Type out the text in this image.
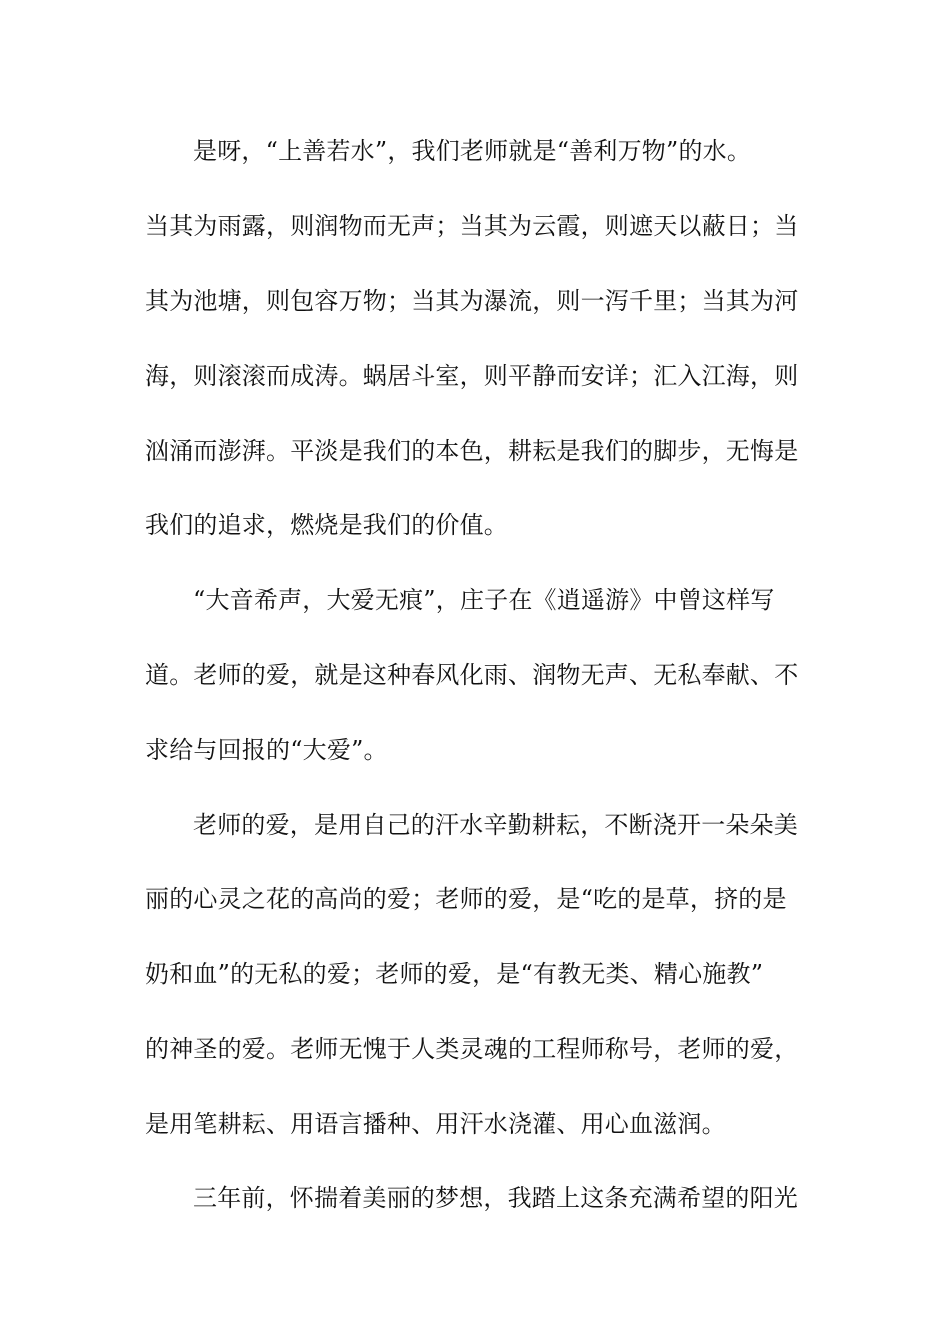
是呀，“上善若水”，我们老师就是“善利万物”的水。
当其为雨露，则润物而无声；当其为云霞，则遮天以蔽日；当
其为池塘，则包容万物；当其为瀑流，则一泻千里；当其为河
海，则滚滚而成涛。蜗居斗室，则平静而安详；汇入江海，则
汹涌而澎湃。平淡是我们的本色，耕耘是我们的脚步，无悔是
我们的追求，燃烧是我们的价值。
“大音希声，大爱无痕”，庄子在《逍遥游》中曾这样写
道。老师的爱，就是这种春风化雨、润物无声、无私奉献、不
求给与回报的“大爱”。
老师的爱，是用自己的汗水辛勤耕耘，不断浇开一朵朵美
丽的心灵之花的高尚的爱；老师的爱，是“吃的是草，挤的是
奶和血”的无私的爱；老师的爱，是“有教无类、精心施教”
的神圣的爱。老师无愧于人类灵魂的工程师称号，老师的爱，
是用笔耕耘、用语言播种、用汗水浇灌、用心血滋润。
三年前，怀揣着美丽的梦想，我踏上这条充满希望的阳光
